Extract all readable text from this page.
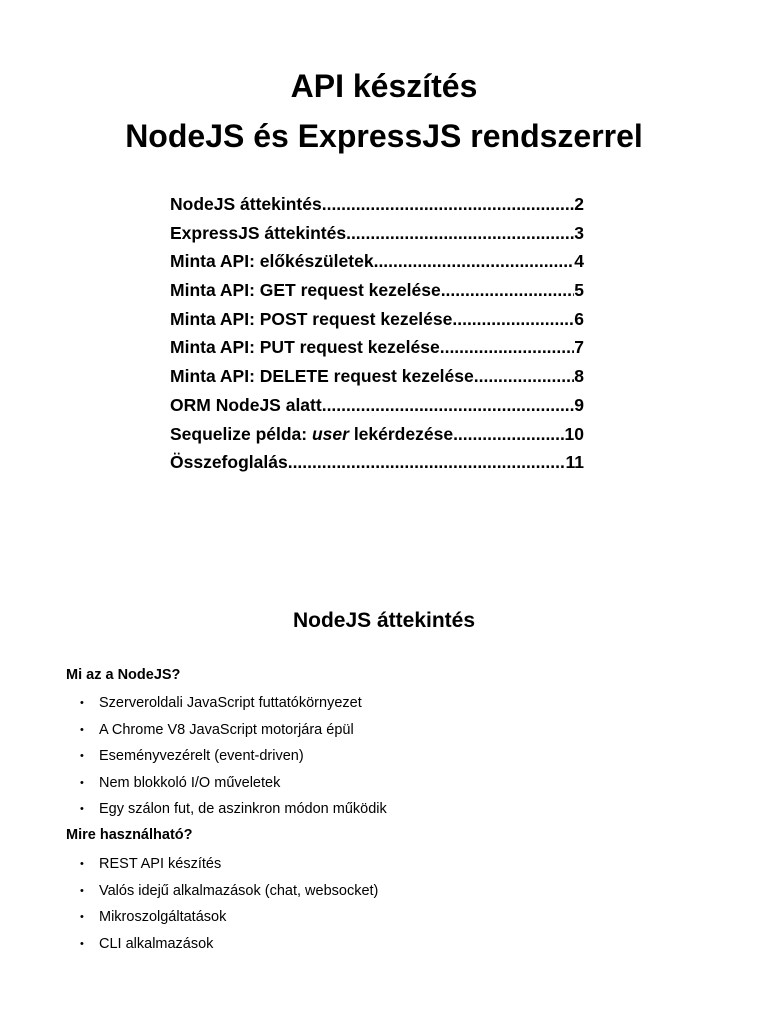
API készítés
NodeJS és ExpressJS rendszerrel
NodeJS áttekintés .....	2
ExpressJS áttekintés .....	3
Minta API: előkészületek .....	4
Minta API: GET request kezelése .....	5
Minta API: POST request kezelése .....	6
Minta API: PUT request kezelése .....	7
Minta API: DELETE request kezelése .....	8
ORM NodeJS alatt .....	9
Sequelize példa: user lekérdezése .....	10
Összefoglalás .....	11
NodeJS áttekintés

Mi az a NodeJS?

• Szerveroldali JavaScript futtatókörnyezet
• A Chrome V8 JavaScript motorjára épül
• Eseményvezérelt (event-driven)
• Nem blokkoló I/O műveletek
• Egy szálon fut, de aszinkron módon működik

Mire használható?

• REST API készítés
• Valós idejű alkalmazások (chat, websocket)
• Mikroszolgáltatások
• CLI alkalmazások
